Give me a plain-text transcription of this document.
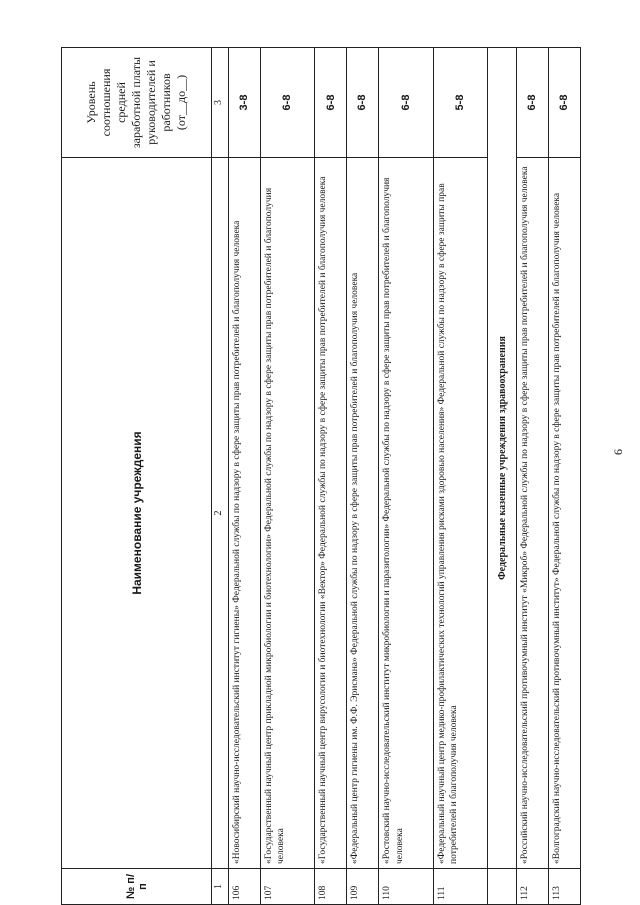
9
№ п/п	Наименование учреждения	Уровень соотношения средней заработной платы руководителей и работников (от__до__)
1	2	3
106	«Новосибирский научно-исследовательский институт гигиены» Федеральной службы по надзору в сфере защиты прав потребителей и благополучия человека	3-8
107	«Государственный научный центр прикладной микробиологии и биотехнологии» Федеральной службы по надзору в сфере защиты прав потребителей и благополучия человека	6-8
108	«Государственный научный центр вирусологии и биотехнологии «Вектор» Федеральной службы по надзору в сфере защиты прав потребителей и благополучия человека	6-8
109	«Федеральный центр гигиены им. Ф.Ф. Эрисмана» Федеральной службы по надзору в сфере защиты прав потребителей и благополучия человека	6-8
110	«Ростовский научно-исследовательский институт микробиологии и паразитологии» Федеральной службы по надзору в сфере защиты прав потребителей и благополучия человека	6-8
111	«Федеральный научный центр медико-профилактических технологий управления рисками здоровью населения» Федеральной службы по надзору в сфере защиты прав потребителей и благополучия человека	5-8
	Федеральные казенные учреждения здравоохранения	
112	«Российский научно-исследовательский противочумный институт «Микроб» Федеральной службы по надзору в сфере защиты прав потребителей и благополучия человека	6-8
113	«Волгоградский научно-исследовательский противочумный институт» Федеральной службы по надзору в сфере защиты прав потребителей и благополучия человека	6-8
